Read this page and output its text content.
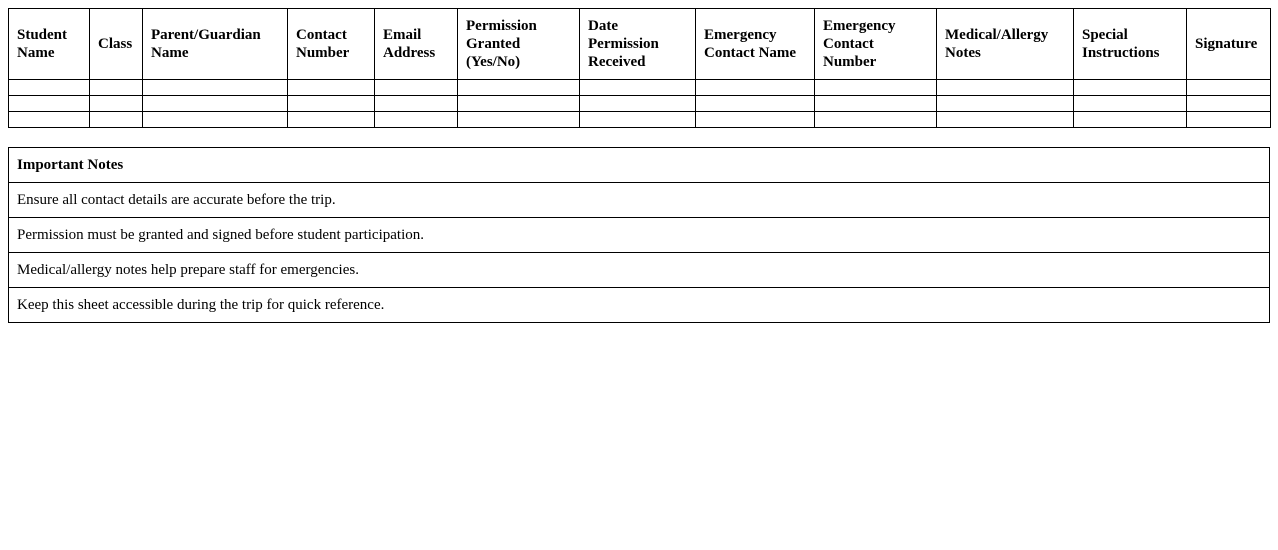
Student Name	Class	Parent/Guardian Name	Contact Number	Email Address	Permission Granted (Yes/No)	Date Permission Received	Emergency Contact Name	Emergency Contact Number	Medical/Allergy Notes	Special Instructions	Signature

Important Notes
Ensure all contact details are accurate before the trip.
Permission must be granted and signed before student participation.
Medical/allergy notes help prepare staff for emergencies.
Keep this sheet accessible during the trip for quick reference.
